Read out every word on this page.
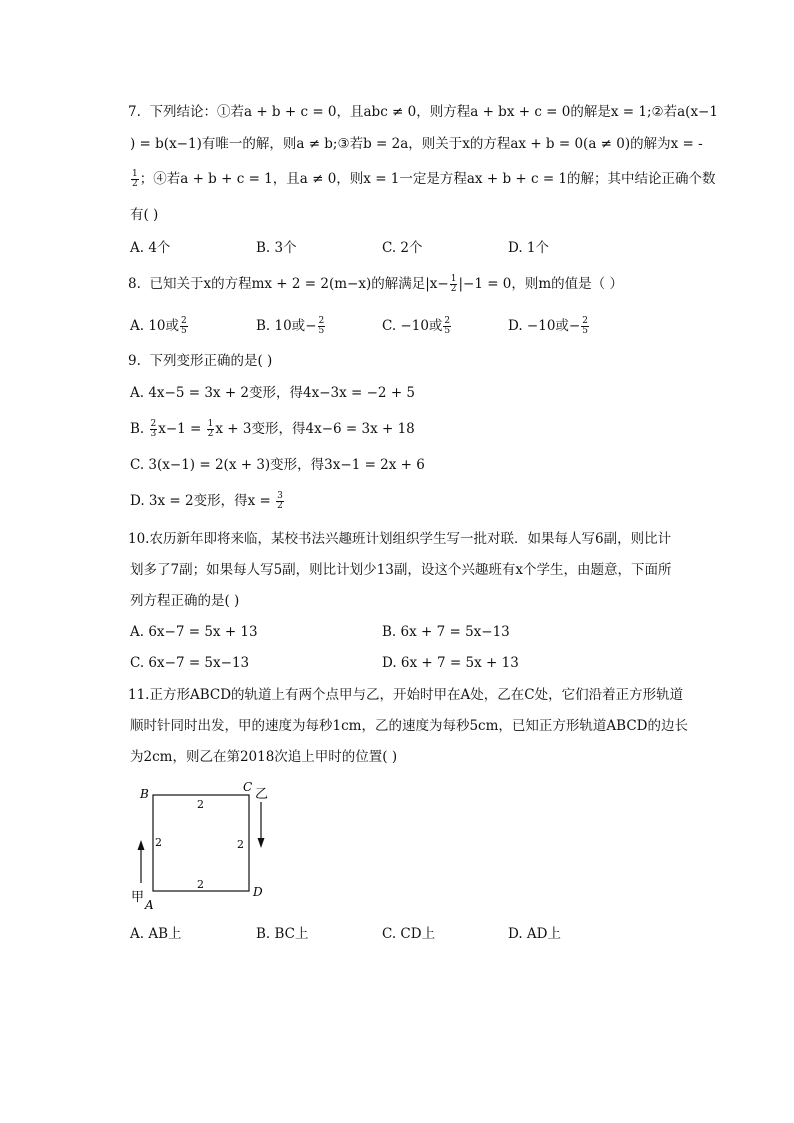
7. 下列结论：①若a + b + c = 0，且abc ≠ 0，则方程a + bx + c = 0的解是x = 1;②若a(x−1
) = b(x−1)有唯一的解，则a ≠ b;③若b = 2a，则关于x的方程ax + b = 0(a ≠ 0)的解为x = -
$\frac{1}{2}$ ；④若a + b + c = 1，且a ≠ 0，则x = 1一定是方程ax + b + c = 1的解；其中结论正确个数
有( )
A. 4个	B. 3个	C. 2个	D. 1个
8. 已知关于x的方程mx + 2 = 2(m−x)的解满足$|x- \frac{1}{2} |-1 = 0$，则m的值是（ ）
A. 10或 $\frac{2}{5}$	B. 10或− $\frac{2}{5}$	C. −10或 $\frac{2}{5}$	D. −10或− $\frac{2}{5}$
9. 下列变形正确的是( )
A. 4x−5 = 3x + 2变形，得4x−3x = −2 + 5
B. $\frac{2}{3} x-1 = \frac{1}{2}$ x + 3变形，得4x−6 = 3x + 18
C. 3(x−1) = 2(x + 3)变形，得3x−1 = 2x + 6
D. 3x = 2变形，得$x = \frac{3}{2}$
10.农历新年即将来临，某校书法兴趣班计划组织学生写一批对联．如果每人写6副，则比计
划多了7副；如果每人写5副，则比计划少13副，设这个兴趣班有x个学生，由题意，下面所
列方程正确的是( )
A. 6x−7 = 5x + 13	B. 6x + 7 = 5x−13
C. 6x−7 = 5x−13	D. 6x + 7 = 5x + 13
11.正方形ABCD的轨道上有两个点甲与乙，开始时甲在A处，乙在C处，它们沿着正方形轨道
顺时针同时出发，甲的速度为每秒1cm，乙的速度为每秒5cm，已知正方形轨道ABCD的边长
为2cm，则乙在第2018次追上甲时的位置( )
B	C
D
A
2
2	2
2
甲
乙
A. AB上	B. BC上	C. CD上	D. AD上
